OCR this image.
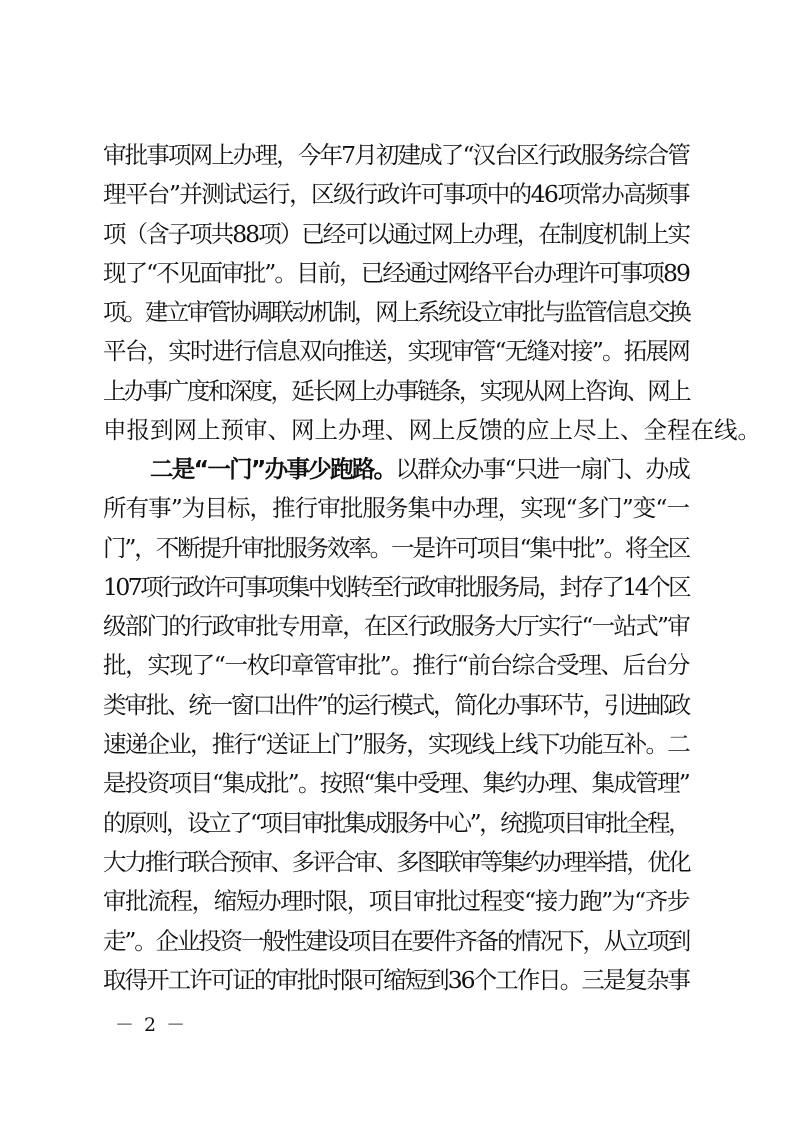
审批事项网上办理，今年7月初建成了“汉台区行政服务综合管
理平台”并测试运行，区级行政许可事项中的46项常办高频事
项（含子项共88项）已经可以通过网上办理，在制度机制上实
现了“不见面审批”。目前，已经通过网络平台办理许可事项89
项。建立审管协调联动机制，网上系统设立审批与监管信息交换
平台，实时进行信息双向推送，实现审管“无缝对接”。拓展网
上办事广度和深度，延长网上办事链条，实现从网上咨询、网上
申报到网上预审、网上办理、网上反馈的应上尽上、全程在线。
二是“一门”办事少跑路。以群众办事“只进一扇门、办成
所有事”为目标，推行审批服务集中办理，实现“多门”变“一
门”，不断提升审批服务效率。一是许可项目“集中批”。将全区
107项行政许可事项集中划转至行政审批服务局，封存了14个区
级部门的行政审批专用章，在区行政服务大厅实行“一站式”审
批，实现了“一枚印章管审批”。推行“前台综合受理、后台分
类审批、统一窗口出件”的运行模式，简化办事环节，引进邮政
速递企业，推行“送证上门”服务，实现线上线下功能互补。二
是投资项目“集成批”。按照“集中受理、集约办理、集成管理”
的原则，设立了“项目审批集成服务中心”，统揽项目审批全程，
大力推行联合预审、多评合审、多图联审等集约办理举措，优化
审批流程，缩短办理时限，项目审批过程变“接力跑”为“齐步
走”。企业投资一般性建设项目在要件齐备的情况下，从立项到
取得开工许可证的审批时限可缩短到36个工作日。三是复杂事
－ 2 －
